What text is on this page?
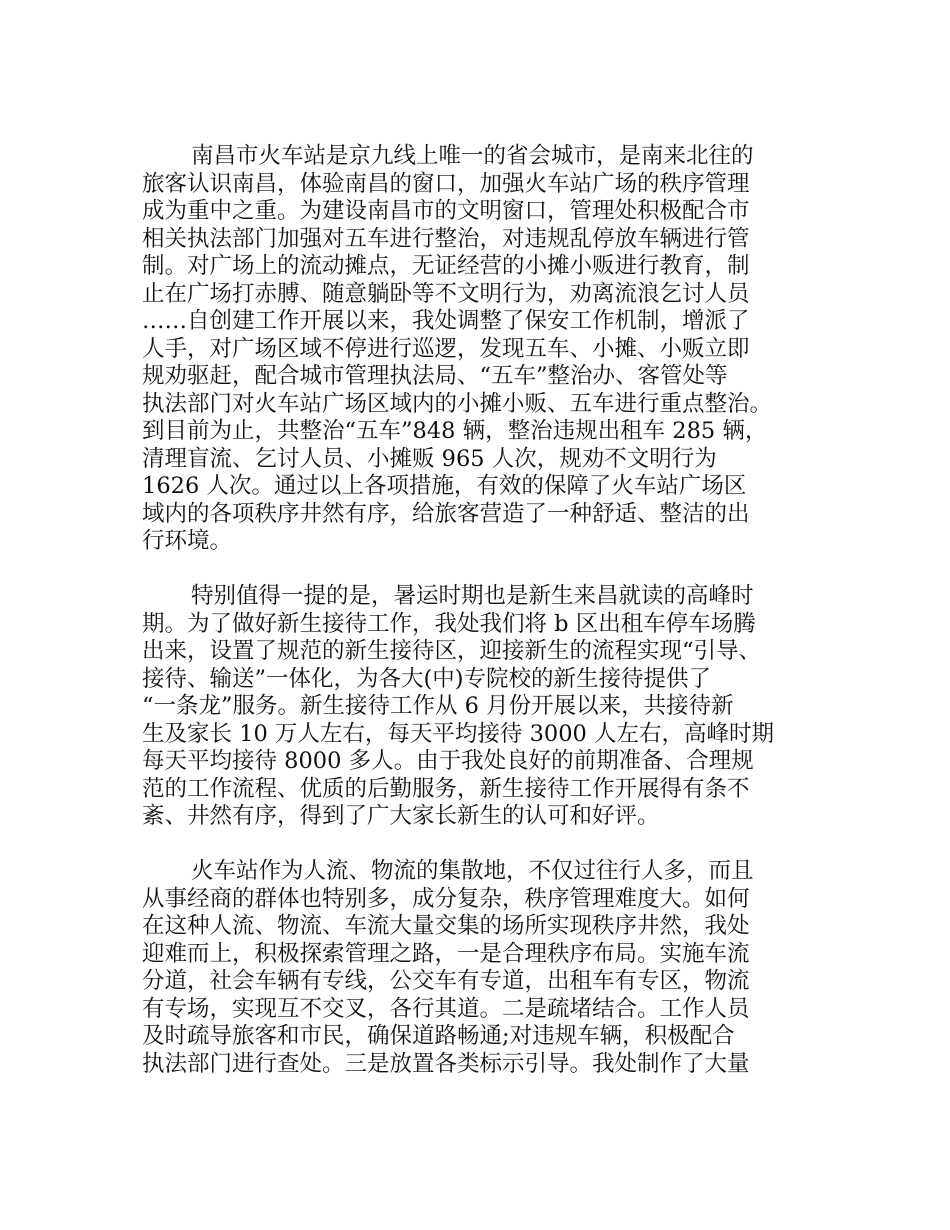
南昌市火车站是京九线上唯一的省会城市，是南来北往的
旅客认识南昌，体验南昌的窗口，加强火车站广场的秩序管理
成为重中之重。为建设南昌市的文明窗口，管理处积极配合市
相关执法部门加强对五车进行整治，对违规乱停放车辆进行管
制。对广场上的流动摊点，无证经营的小摊小贩进行教育，制
止在广场打赤膊、随意躺卧等不文明行为，劝离流浪乞讨人员
……自创建工作开展以来，我处调整了保安工作机制，增派了
人手，对广场区域不停进行巡逻，发现五车、小摊、小贩立即
规劝驱赶，配合城市管理执法局、“五车”整治办、客管处等
执法部门对火车站广场区域内的小摊小贩、五车进行重点整治。
到目前为止，共整治“五车”848 辆，整治违规出租车 285 辆，
清理盲流、乞讨人员、小摊贩 965 人次，规劝不文明行为
1626 人次。通过以上各项措施，有效的保障了火车站广场区
域内的各项秩序井然有序，给旅客营造了一种舒适、整洁的出
行环境。
特别值得一提的是，暑运时期也是新生来昌就读的高峰时
期。为了做好新生接待工作，我处我们将 b 区出租车停车场腾
出来，设置了规范的新生接待区，迎接新生的流程实现“引导、
接待、输送”一体化，为各大(中)专院校的新生接待提供了
“一条龙”服务。新生接待工作从 6 月份开展以来，共接待新
生及家长 10 万人左右，每天平均接待 3000 人左右，高峰时期
每天平均接待 8000 多人。由于我处良好的前期准备、合理规
范的工作流程、优质的后勤服务，新生接待工作开展得有条不
紊、井然有序，得到了广大家长新生的认可和好评。
火车站作为人流、物流的集散地，不仅过往行人多，而且
从事经商的群体也特别多，成分复杂，秩序管理难度大。如何
在这种人流、物流、车流大量交集的场所实现秩序井然，我处
迎难而上，积极探索管理之路，一是合理秩序布局。实施车流
分道，社会车辆有专线，公交车有专道，出租车有专区，物流
有专场，实现互不交叉，各行其道。二是疏堵结合。工作人员
及时疏导旅客和市民，确保道路畅通;对违规车辆，积极配合
执法部门进行查处。三是放置各类标示引导。我处制作了大量
